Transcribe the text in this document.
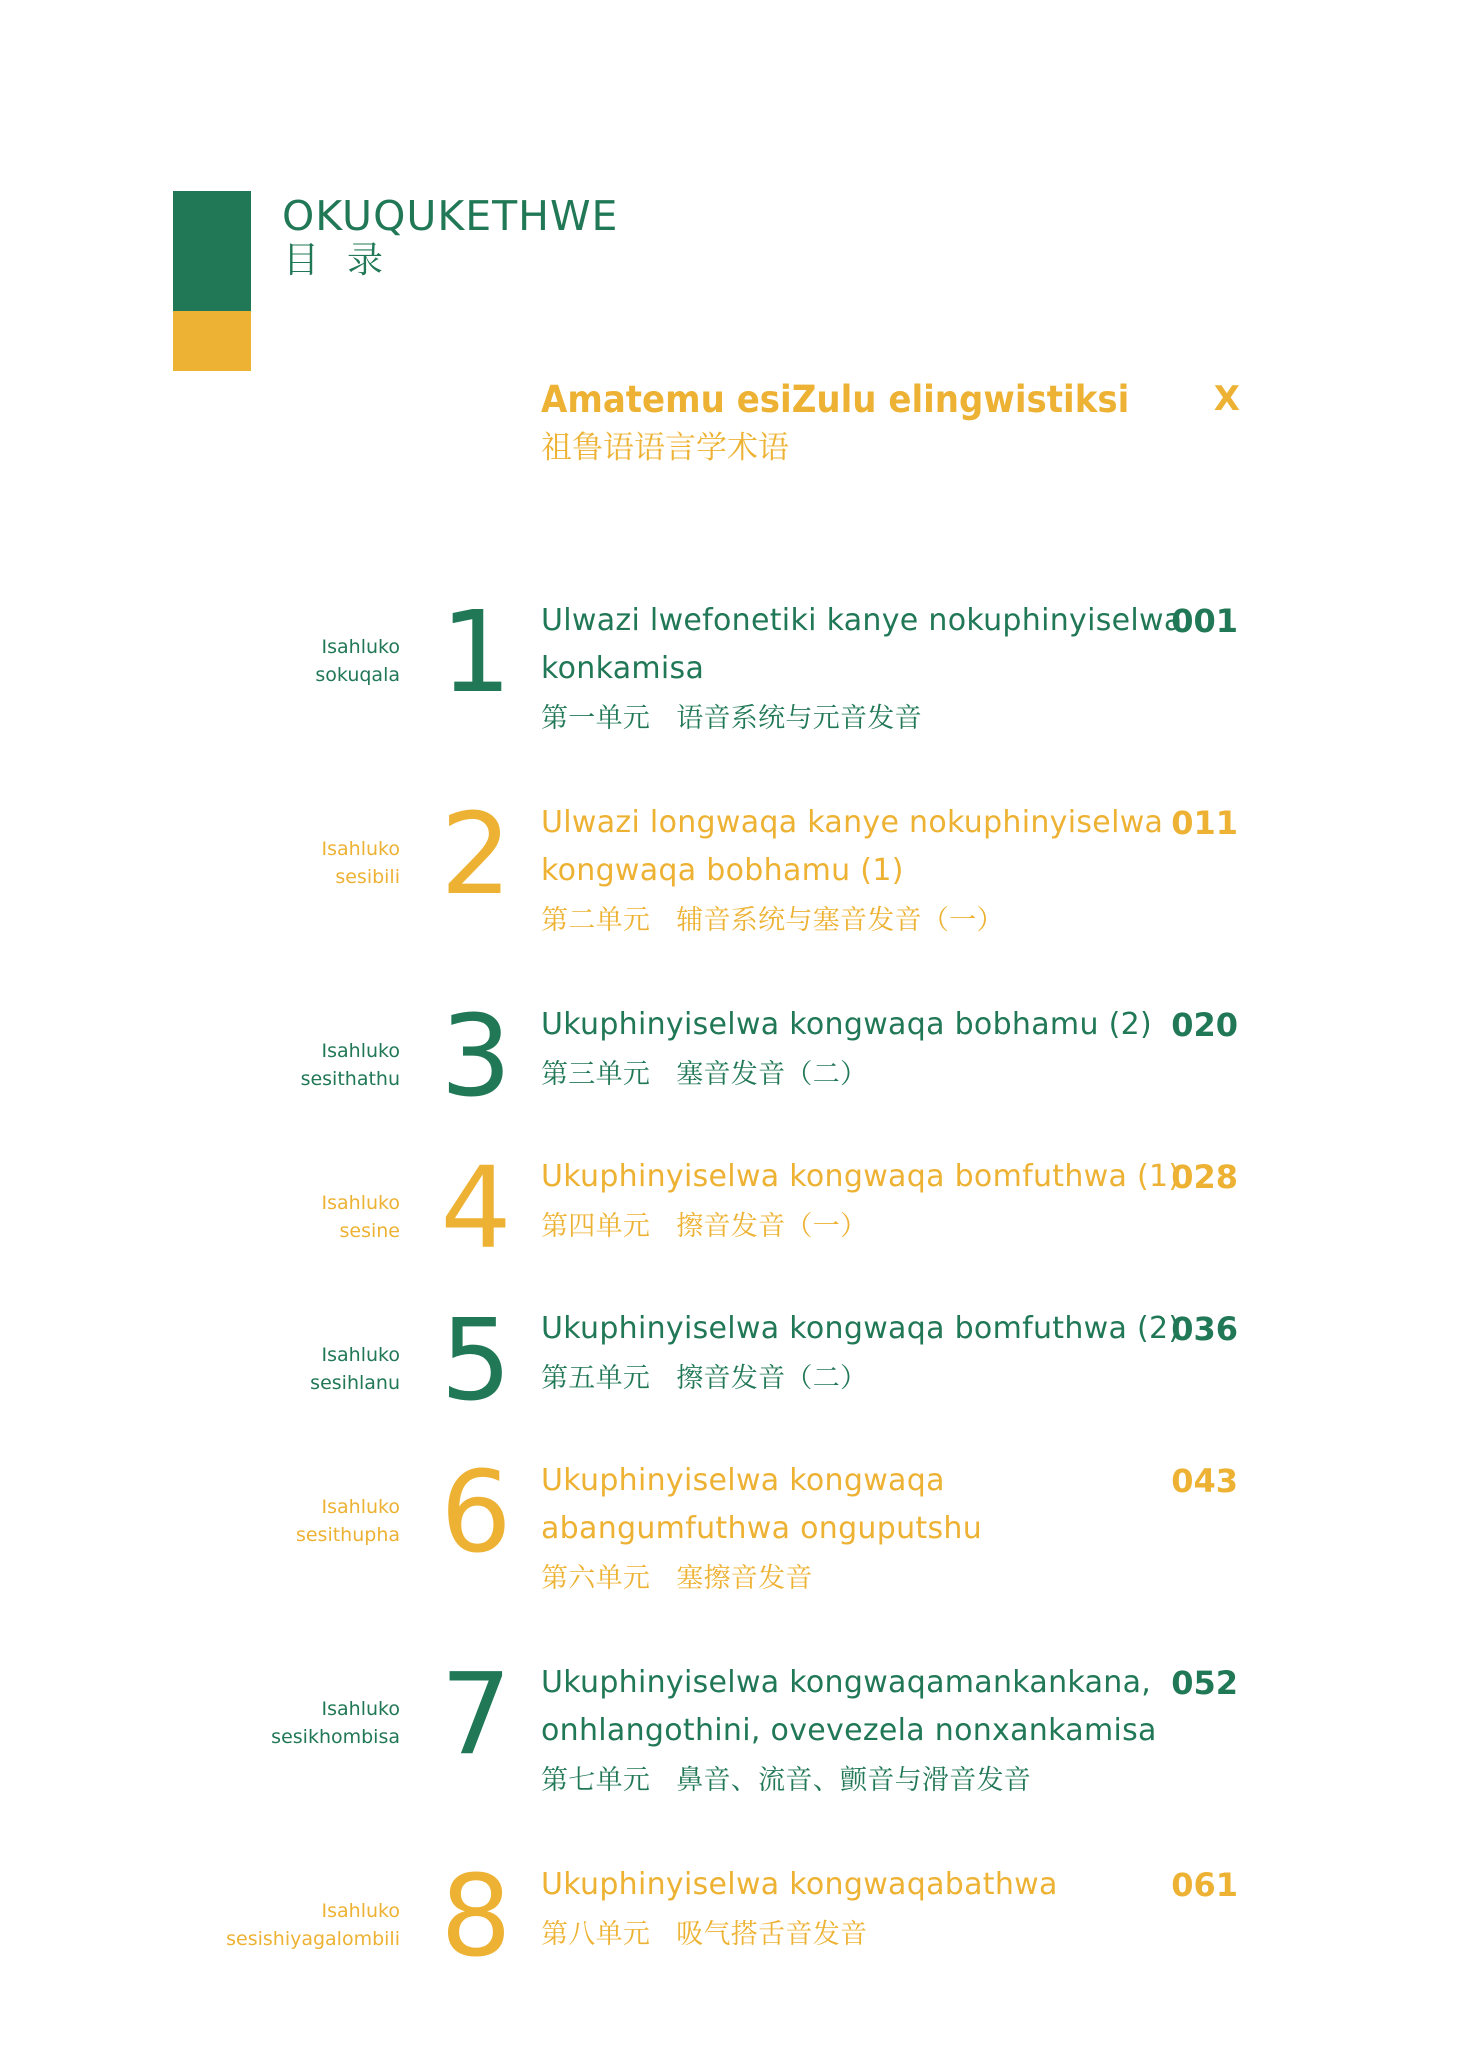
OKUQUKETHWE
目录
Amatemu esiZulu elingwistiksi
祖鲁语语言学术语
X
Isahluko
sokuqala 1 Ulwazi lwefonetiki kanye nokuphinyiselwa
konkamisa
第一单元 语音系统与元音发音
001
Isahluko
sesibili 2 Ulwazi longwaqa kanye nokuphinyiselwa
kongwaqa bobhamu (1)
第二单元 辅音系统与塞音发音（一）
011
Isahluko
sesithathu 3 Ukuphinyiselwa kongwaqa bobhamu (2)
第三单元 塞音发音（二）
020
Isahluko
sesine 4 Ukuphinyiselwa kongwaqa bomfuthwa (1)
第四单元 擦音发音（一）
028
Isahluko
sesihlanu 5 Ukuphinyiselwa kongwaqa bomfuthwa (2)
第五单元 擦音发音（二）
036
Isahluko
sesithupha 6 Ukuphinyiselwa kongwaqa
abangumfuthwa onguputshu
第六单元 塞擦音发音
043
Isahluko
sesikhombisa 7 Ukuphinyiselwa kongwaqamankankana,
onhlangothini, ovevezela nonxankamisa
第七单元 鼻音、流音、颤音与滑音发音
052
Isahluko
sesishiyagalombili 8 Ukuphinyiselwa kongwaqabathwa
第八单元 吸气搭舌音发音
061
